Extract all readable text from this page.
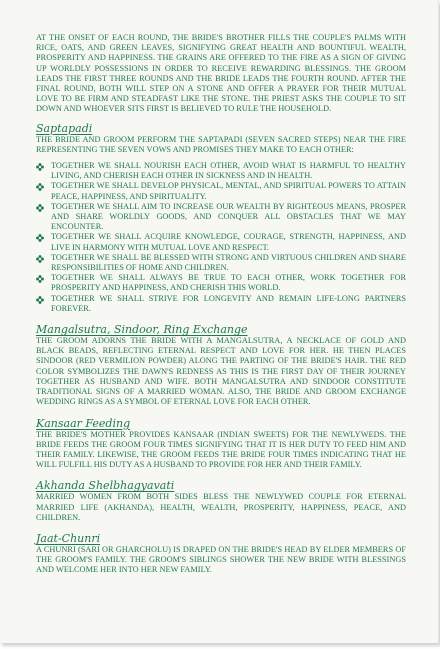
AT THE ONSET OF EACH ROUND, THE BRIDE'S BROTHER FILLS THE COUPLE'S PALMS WITH RICE, OATS, AND GREEN LEAVES, SIGNIFYING GREAT HEALTH AND BOUNTIFUL WEALTH, PROSPERITY AND HAPPINESS. THE GRAINS ARE OFFERED TO THE FIRE AS A SIGN OF GIVING UP WORLDLY POSSESSIONS IN ORDER TO RECEIVE REWARDING BLESSINGS. THE GROOM LEADS THE FIRST THREE ROUNDS AND THE BRIDE LEADS THE FOURTH ROUND. AFTER THE FINAL ROUND, BOTH WILL STEP ON A STONE AND OFFER A PRAYER FOR THEIR MUTUAL LOVE TO BE FIRM AND STEADFAST LIKE THE STONE. THE PRIEST ASKS THE COUPLE TO SIT DOWN AND WHOEVER SITS FIRST IS BELIEVED TO RULE THE HOUSEHOLD.

Saptapadi

THE BRIDE AND GROOM PERFORM THE SAPTAPADI (SEVEN SACRED STEPS) NEAR THE FIRE REPRESENTING THE SEVEN VOWS AND PROMISES THEY MAKE TO EACH OTHER:

TOGETHER WE SHALL NOURISH EACH OTHER, AVOID WHAT IS HARMFUL TO HEALTHY LIVING, AND CHERISH EACH OTHER IN SICKNESS AND IN HEALTH.
TOGETHER WE SHALL DEVELOP PHYSICAL, MENTAL, AND SPIRITUAL POWERS TO ATTAIN PEACE, HAPPINESS, AND SPIRITUALITY.
TOGETHER WE SHALL AIM TO INCREASE OUR WEALTH BY RIGHTEOUS MEANS, PROSPER AND SHARE WORLDLY GOODS, AND CONQUER ALL OBSTACLES THAT WE MAY ENCOUNTER.
TOGETHER WE SHALL ACQUIRE KNOWLEDGE, COURAGE, STRENGTH, HAPPINESS, AND LIVE IN HARMONY WITH MUTUAL LOVE AND RESPECT.
TOGETHER WE SHALL BE BLESSED WITH STRONG AND VIRTUOUS CHILDREN AND SHARE RESPONSIBILITIES OF HOME AND CHILDREN.
TOGETHER WE SHALL ALWAYS BE TRUE TO EACH OTHER, WORK TOGETHER FOR PROSPERITY AND HAPPINESS, AND CHERISH THIS WORLD.
TOGETHER WE SHALL STRIVE FOR LONGEVITY AND REMAIN LIFE-LONG PARTNERS FOREVER.
Mangalsutra, Sindoor, Ring Exchange

THE GROOM ADORNS THE BRIDE WITH A MANGALSUTRA, A NECKLACE OF GOLD AND BLACK BEADS, REFLECTING ETERNAL RESPECT AND LOVE FOR HER. HE THEN PLACES SINDOOR (RED VERMILION POWDER) ALONG THE PARTING OF THE BRIDE'S HAIR. THE RED COLOR SYMBOLIZES THE DAWN'S REDNESS AS THIS IS THE FIRST DAY OF THEIR JOURNEY TOGETHER AS HUSBAND AND WIFE. BOTH MANGALSUTRA AND SINDOOR CONSTITUTE TRADITIONAL SIGNS OF A MARRIED WOMAN. ALSO, THE BRIDE AND GROOM EXCHANGE WEDDING RINGS AS A SYMBOL OF ETERNAL LOVE FOR EACH OTHER.

Kansaar Feeding

THE BRIDE'S MOTHER PROVIDES KANSAAR (INDIAN SWEETS) FOR THE NEWLYWEDS. THE BRIDE FEEDS THE GROOM FOUR TIMES SIGNIFYING THAT IT IS HER DUTY TO FEED HIM AND THEIR FAMILY. LIKEWISE, THE GROOM FEEDS THE BRIDE FOUR TIMES INDICATING THAT HE WILL FULFILL HIS DUTY AS A HUSBAND TO PROVIDE FOR HER AND THEIR FAMILY.

Akhanda Shelbhagyavati

MARRIED WOMEN FROM BOTH SIDES BLESS THE NEWLYWED COUPLE FOR ETERNAL MARRIED LIFE (AKHANDA), HEALTH, WEALTH, PROSPERITY, HAPPINESS, PEACE, AND CHILDREN.

Jaat-Chunri

A CHUNRI (SARI OR GHARCHOLU) IS DRAPED ON THE BRIDE'S HEAD BY ELDER MEMBERS OF THE GROOM'S FAMILY. THE GROOM'S SIBLINGS SHOWER THE NEW BRIDE WITH BLESSINGS AND WELCOME HER INTO HER NEW FAMILY.
